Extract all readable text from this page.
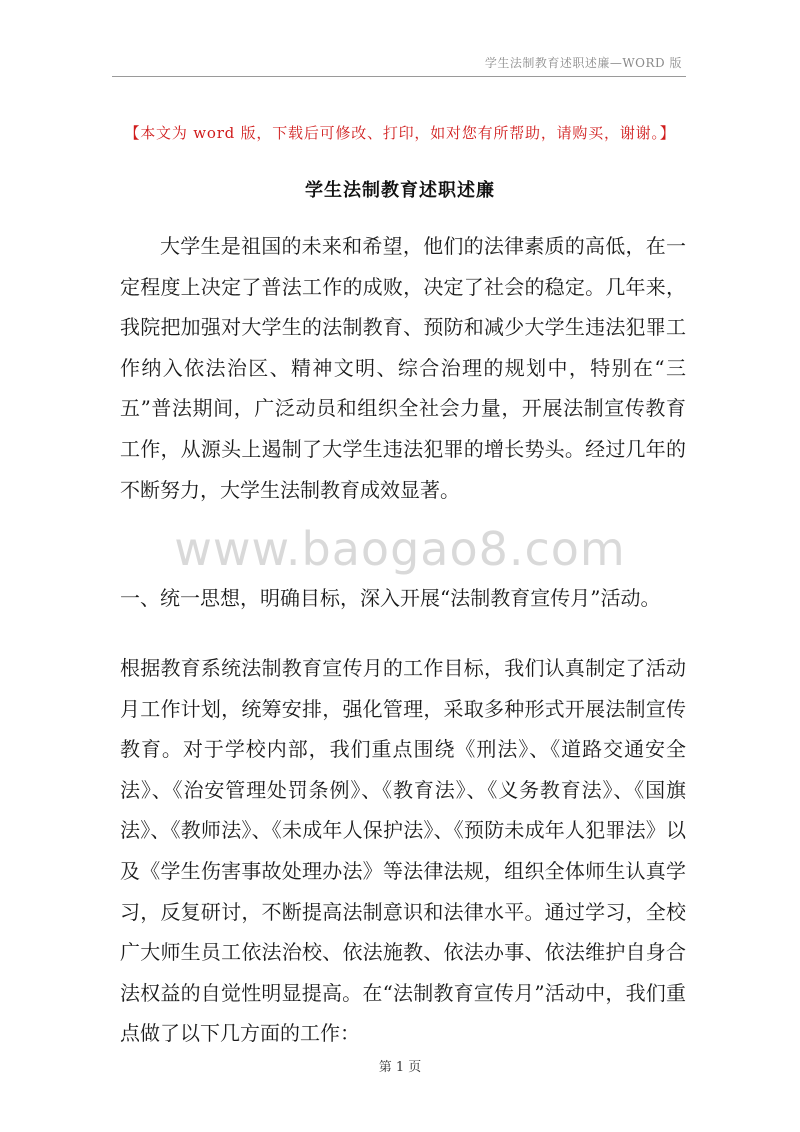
学生法制教育述职述廉—WORD 版
【本文为 word 版，下载后可修改、打印，如对您有所帮助，请购买，谢谢。】
学生法制教育述职述廉
www.baogao8.com

大学生是祖国的未来和希望，他们的法律素质的高低，在一定程度上决定了普法工作的成败，决定了社会的稳定。几年来，我院把加强对大学生的法制教育、预防和减少大学生违法犯罪工作纳入依法治区、精神文明、综合治理的规划中，特别在“三五”普法期间，广泛动员和组织全社会力量，开展法制宣传教育工作，从源头上遏制了大学生违法犯罪的增长势头。经过几年的不断努力，大学生法制教育成效显著。

一、统一思想，明确目标，深入开展“法制教育宣传月”活动。

根据教育系统法制教育宣传月的工作目标，我们认真制定了活动月工作计划，统筹安排，强化管理，采取多种形式开展法制宣传教育。对于学校内部，我们重点围绕《刑法》、《道路交通安全法》、《治安管理处罚条例》、《教育法》、《义务教育法》、《国旗法》、《教师法》、《未成年人保护法》、《预防未成年人犯罪法》以及《学生伤害事故处理办法》等法律法规，组织全体师生认真学习，反复研讨，不断提高法制意识和法律水平。通过学习，全校广大师生员工依法治校、依法施教、依法办事、依法维护自身合法权益的自觉性明显提高。在“法制教育宣传月”活动中，我们重点做了以下几方面的工作：

第 1 页
